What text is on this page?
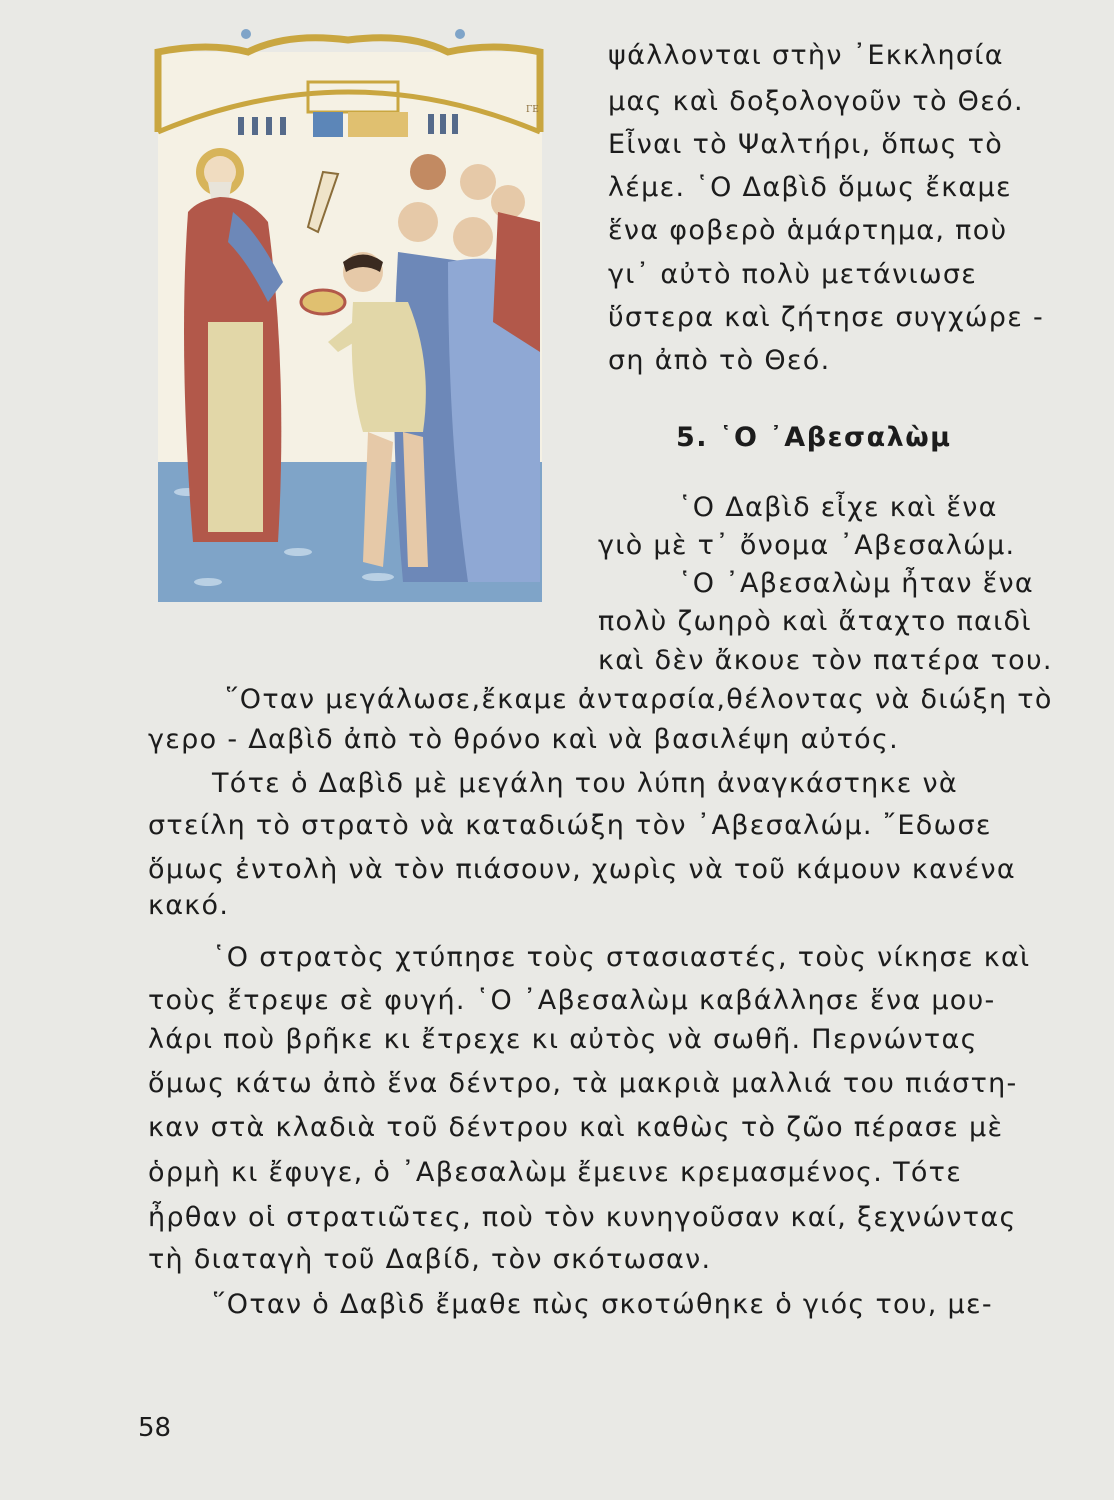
ΓΕ

ψάλλονται στὴν ᾿Εκκλησία

μας καὶ δοξολογοῦν τὸ Θεό.

Εἶναι τὸ Ψαλτήρι, ὅπως τὸ

λέμε. ῾Ο Δαβὶδ ὅμως ἔκαμε

ἕνα φοβερὸ ἁμάρτημα, ποὺ

γι᾿ αὐτὸ πολὺ μετάνιωσε

ὕστερα καὶ ζήτησε συγχώρε -

ση ἀπὸ τὸ Θεό.

5. ῾Ο ᾿Αβεσαλὼμ

῾Ο Δαβὶδ εἶχε καὶ ἕνα

γιὸ μὲ τ᾿ ὄνομα ᾿Αβεσαλώμ.

῾Ο ᾿Αβεσαλὼμ ἦταν ἕνα

πολὺ ζωηρὸ καὶ ἄταχτο παιδὶ

καὶ δὲν ἄκουε τὸν πατέρα του.

῞Οταν μεγάλωσε,ἔκαμε ἀνταρσία,θέλοντας νὰ διώξη τὸ

γερο - Δαβὶδ ἀπὸ τὸ θρόνο καὶ νὰ βασιλέψη αὐτός.

Τότε ὁ Δαβὶδ μὲ μεγάλη του λύπη ἀναγκάστηκε νὰ

στείλη τὸ στρατὸ νὰ καταδιώξη τὸν ᾿Αβεσαλώμ. ῎Εδωσε

ὅμως ἐντολὴ νὰ τὸν πιάσουν, χωρὶς νὰ τοῦ κάμουν κανένα

κακό.

῾Ο στρατὸς χτύπησε τοὺς στασιαστές, τοὺς νίκησε καὶ

τοὺς ἔτρεψε σὲ φυγή. ῾Ο ᾿Αβεσαλὼμ καβάλλησε ἕνα μου-

λάρι ποὺ βρῆκε κι ἔτρεχε κι αὐτὸς νὰ σωθῆ. Περνώντας

ὅμως κάτω ἀπὸ ἕνα δέντρο, τὰ μακριὰ μαλλιά του πιάστη-

καν στὰ κλαδιὰ τοῦ δέντρου καὶ καθὼς τὸ ζῶο πέρασε μὲ

ὁρμὴ κι ἔφυγε, ὁ ᾿Αβεσαλὼμ ἔμεινε κρεμασμένος. Τότε

ἦρθαν οἱ στρατιῶτες, ποὺ τὸν κυνηγοῦσαν καί, ξεχνώντας

τὴ διαταγὴ τοῦ Δαβίδ, τὸν σκότωσαν.

῞Οταν ὁ Δαβὶδ ἔμαθε πὼς σκοτώθηκε ὁ γιός του, με-

58
